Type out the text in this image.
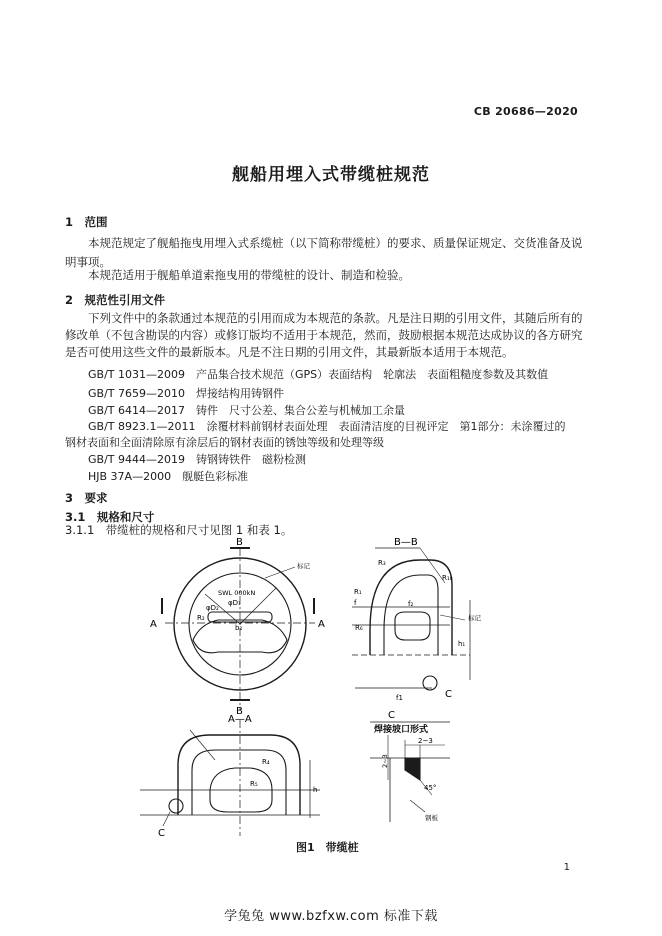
CB 20686—2020
舰船用埋入式带缆桩规范
1　范围
本规范规定了舰船拖曳用埋入式系缆桩（以下简称带缆桩）的要求、质量保证规定、交货准备及说
明事项。
本规范适用于舰船单道索拖曳用的带缆桩的设计、制造和检验。
2　规范性引用文件
下列文件中的条款通过本规范的引用而成为本规范的条款。凡是注日期的引用文件，其随后所有的
修改单（不包含勘误的内容）或修订版均不适用于本规范，然而，鼓励根据本规范达成协议的各方研究
是否可使用这些文件的最新版本。凡是不注日期的引用文件，其最新版本适用于本规范。
GB/T 1031—2009　产品集合技术规范（GPS）表面结构　轮廓法　表面粗糙度参数及其数值
GB/T 7659—2010　焊接结构用铸钢件
GB/T 6414—2017　铸件　尺寸公差、集合公差与机械加工余量
GB/T 8923.1—2011　涂覆材料前钢材表面处理　表面清洁度的目视评定　第1部分：未涂覆过的
钢材表面和全面清除原有涂层后的钢材表面的锈蚀等级和处理等级
GB/T 9444—2019　铸钢铸铁件　磁粉检测
HJB 37A—2000　舰艇色彩标准
3　要求
3.1　规格和尺寸
3.1.1　带缆桩的规格和尺寸见图 1 和表 1。
B
B
A	A
SWL 000kN
标记
φD₂
φD₁
R₂
b₂
B—B
R₃
R₁₀
R₁
f	f₂
标记
R₆
h₁
f1	C
A—A
R₄
R₅
h
C
C
焊接坡口形式
2~3
2~3
45°
钢板
图1　带缆桩
1
学兔兔 www.bzfxw.com 标准下载
